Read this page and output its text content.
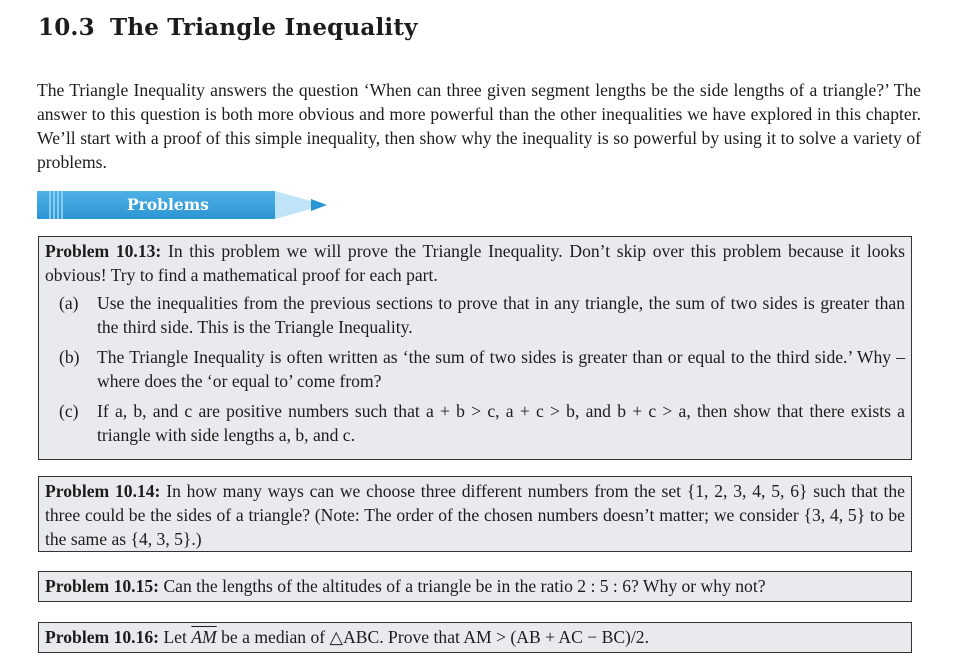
10.3 The Triangle Inequality
The Triangle Inequality answers the question ‘When can three given segment lengths be the side lengths of a triangle?’ The answer to this question is both more obvious and more powerful than the other inequalities we have explored in this chapter. We’ll start with a proof of this simple inequality, then show why the inequality is so powerful by using it to solve a variety of problems.
Problems
Problem 10.13: In this problem we will prove the Triangle Inequality. Don’t skip over this problem because it looks obvious! Try to find a mathematical proof for each part.
(a)	Use the inequalities from the previous sections to prove that in any triangle, the sum of two sides is greater than the third side. This is the Triangle Inequality.
(b) The Triangle Inequality is often written as ‘the sum of two sides is greater than or equal to the third side.’ Why – where does the ‘or equal to’ come from?
(c)	If a, b, and c are positive numbers such that a + b > c, a + c > b, and b + c > a, then show that there exists a triangle with side lengths a, b, and c.
Problem 10.14: In how many ways can we choose three different numbers from the set {1, 2, 3, 4, 5, 6} such that the three could be the sides of a triangle? (Note: The order of the chosen numbers doesn’t matter; we consider {3, 4, 5} to be the same as {4, 3, 5}.)
Problem 10.15: Can the lengths of the altitudes of a triangle be in the ratio 2 : 5 : 6? Why or why not?
Problem 10.16: Let $\overline{AM}$ be a median of △ABC. Prove that AM > (AB + AC − BC)/2.
